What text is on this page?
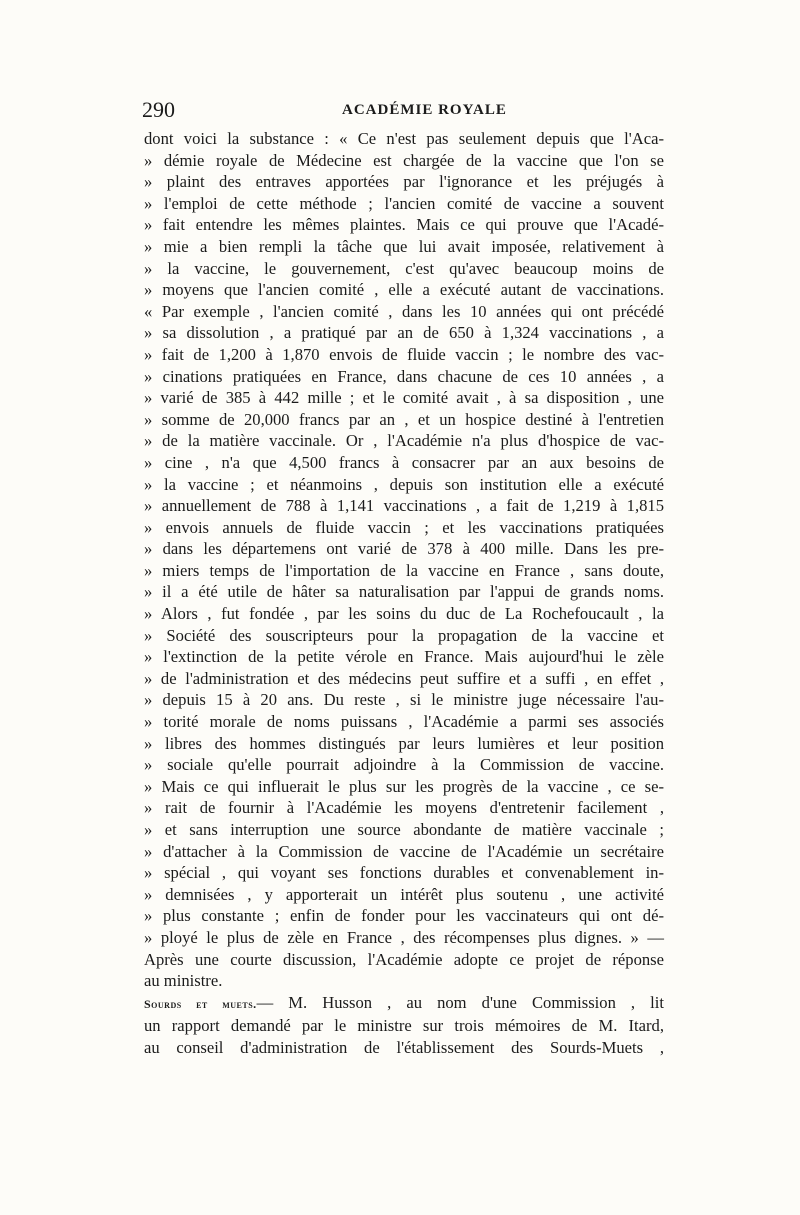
290	ACADÉMIE ROYALE
dont voici la substance : « Ce n'est pas seulement depuis que l'Aca-
» démie royale de Médecine est chargée de la vaccine que l'on se
» plaint des entraves apportées par l'ignorance et les préjugés à
» l'emploi de cette méthode ; l'ancien comité de vaccine a souvent
» fait entendre les mêmes plaintes. Mais ce qui prouve que l'Acadé-
» mie a bien rempli la tâche que lui avait imposée, relativement à
» la vaccine, le gouvernement, c'est qu'avec beaucoup moins de
» moyens que l'ancien comité , elle a exécuté autant de vaccinations.
« Par exemple , l'ancien comité , dans les 10 années qui ont précédé
» sa dissolution , a pratiqué par an de 650 à 1,324 vaccinations , a
» fait de 1,200 à 1,870 envois de fluide vaccin ; le nombre des vac-
» cinations pratiquées en France, dans chacune de ces 10 années , a
» varié de 385 à 442 mille ; et le comité avait , à sa disposition , une
» somme de 20,000 francs par an , et un hospice destiné à l'entretien
» de la matière vaccinale. Or , l'Académie n'a plus d'hospice de vac-
» cine , n'a que 4,500 francs à consacrer par an aux besoins de
» la vaccine ; et néanmoins , depuis son institution elle a exécuté
» annuellement de 788 à 1,141 vaccinations , a fait de 1,219 à 1,815
» envois annuels de fluide vaccin ; et les vaccinations pratiquées
» dans les départemens ont varié de 378 à 400 mille. Dans les pre-
» miers temps de l'importation de la vaccine en France , sans doute,
» il a été utile de hâter sa naturalisation par l'appui de grands noms.
» Alors , fut fondée , par les soins du duc de La Rochefoucault , la
» Société des souscripteurs pour la propagation de la vaccine et
» l'extinction de la petite vérole en France. Mais aujourd'hui le zèle
» de l'administration et des médecins peut suffire et a suffi , en effet ,
» depuis 15 à 20 ans. Du reste , si le ministre juge nécessaire l'au-
» torité morale de noms puissans , l'Académie a parmi ses associés
» libres des hommes distingués par leurs lumières et leur position
» sociale qu'elle pourrait adjoindre à la Commission de vaccine.
» Mais ce qui influerait le plus sur les progrès de la vaccine , ce se-
» rait de fournir à l'Académie les moyens d'entretenir facilement ,
» et sans interruption une source abondante de matière vaccinale ;
» d'attacher à la Commission de vaccine de l'Académie un secrétaire
» spécial , qui voyant ses fonctions durables et convenablement in-
» demnisées , y apporterait un intérêt plus soutenu , une activité
» plus constante ; enfin de fonder pour les vaccinateurs qui ont dé-
» ployé le plus de zèle en France , des récompenses plus dignes. » —
Après une courte discussion, l'Académie adopte ce projet de réponse
au ministre.
Sourds et muets.— M. Husson , au nom d'une Commission , lit
un rapport demandé par le ministre sur trois mémoires de M. Itard,
au conseil d'administration de l'établissement des Sourds-Muets ,
